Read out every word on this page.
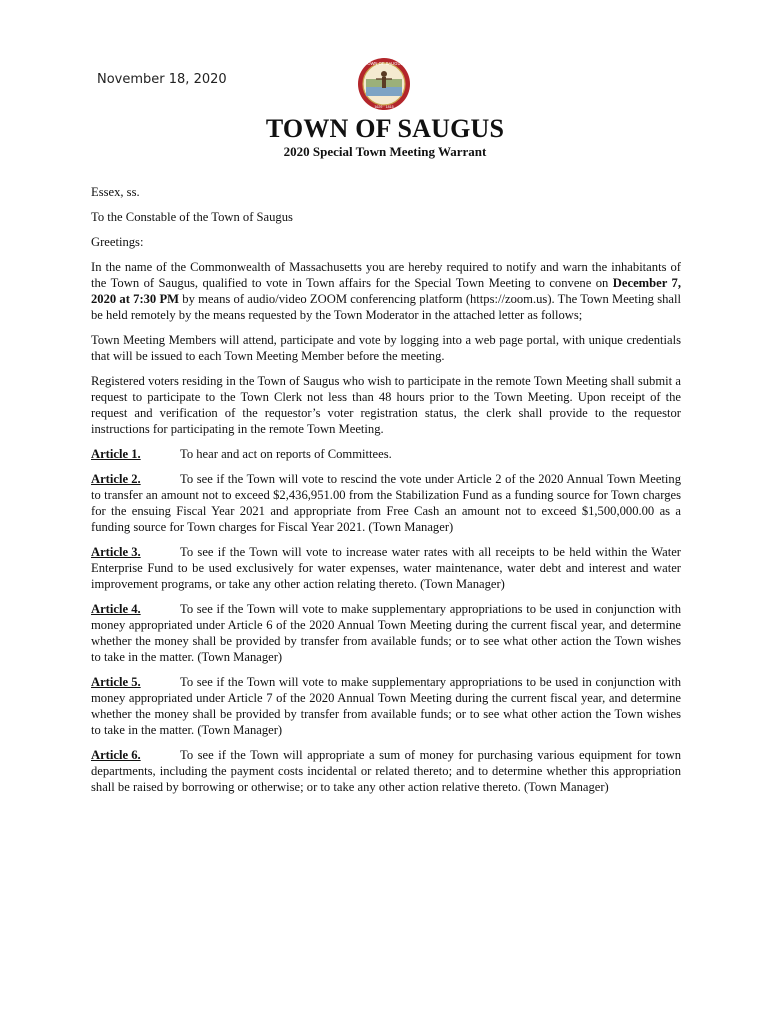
November 18, 2020
TOWN OF SAUGUS
1629 · 1815
TOWN OF SAUGUS
2020 Special Town Meeting Warrant

Essex, ss.

To the Constable of the Town of Saugus

Greetings:

In the name of the Commonwealth of Massachusetts you are hereby required to notify and warn the inhabitants of the Town of Saugus, qualified to vote in Town affairs for the Special Town Meeting to convene on December 7, 2020 at 7:30 PM by means of audio/video ZOOM conferencing platform (https://zoom.us). The Town Meeting shall be held remotely by the means requested by the Town Moderator in the attached letter as follows;

Town Meeting Members will attend, participate and vote by logging into a web page portal, with unique credentials that will be issued to each Town Meeting Member before the meeting.

Registered voters residing in the Town of Saugus who wish to participate in the remote Town Meeting shall submit a request to participate to the Town Clerk not less than 48 hours prior to the Town Meeting. Upon receipt of the request and verification of the requestor’s voter registration status, the clerk shall provide to the requestor instructions for participating in the remote Town Meeting.

Article 1.	To hear and act on reports of Committees.

Article 2.	To see if the Town will vote to rescind the vote under Article 2 of the 2020 Annual Town Meeting to transfer an amount not to exceed $2,436,951.00 from the Stabilization Fund as a funding source for Town charges for the ensuing Fiscal Year 2021 and appropriate from Free Cash an amount not to exceed $1,500,000.00 as a funding source for Town charges for Fiscal Year 2021. (Town Manager)

Article 3.	To see if the Town will vote to increase water rates with all receipts to be held within the Water Enterprise Fund to be used exclusively for water expenses, water maintenance, water debt and interest and water improvement programs, or take any other action relating thereto. (Town Manager)

Article 4.	To see if the Town will vote to make supplementary appropriations to be used in conjunction with money appropriated under Article 6 of the 2020 Annual Town Meeting during the current fiscal year, and determine whether the money shall be provided by transfer from available funds; or to see what other action the Town wishes to take in the matter. (Town Manager)

Article 5.	To see if the Town will vote to make supplementary appropriations to be used in conjunction with money appropriated under Article 7 of the 2020 Annual Town Meeting during the current fiscal year, and determine whether the money shall be provided by transfer from available funds; or to see what other action the Town wishes to take in the matter. (Town Manager)

Article 6.	To see if the Town will appropriate a sum of money for purchasing various equipment for town departments, including the payment costs incidental or related thereto; and to determine whether this appropriation shall be raised by borrowing or otherwise; or to take any other action relative thereto. (Town Manager)
